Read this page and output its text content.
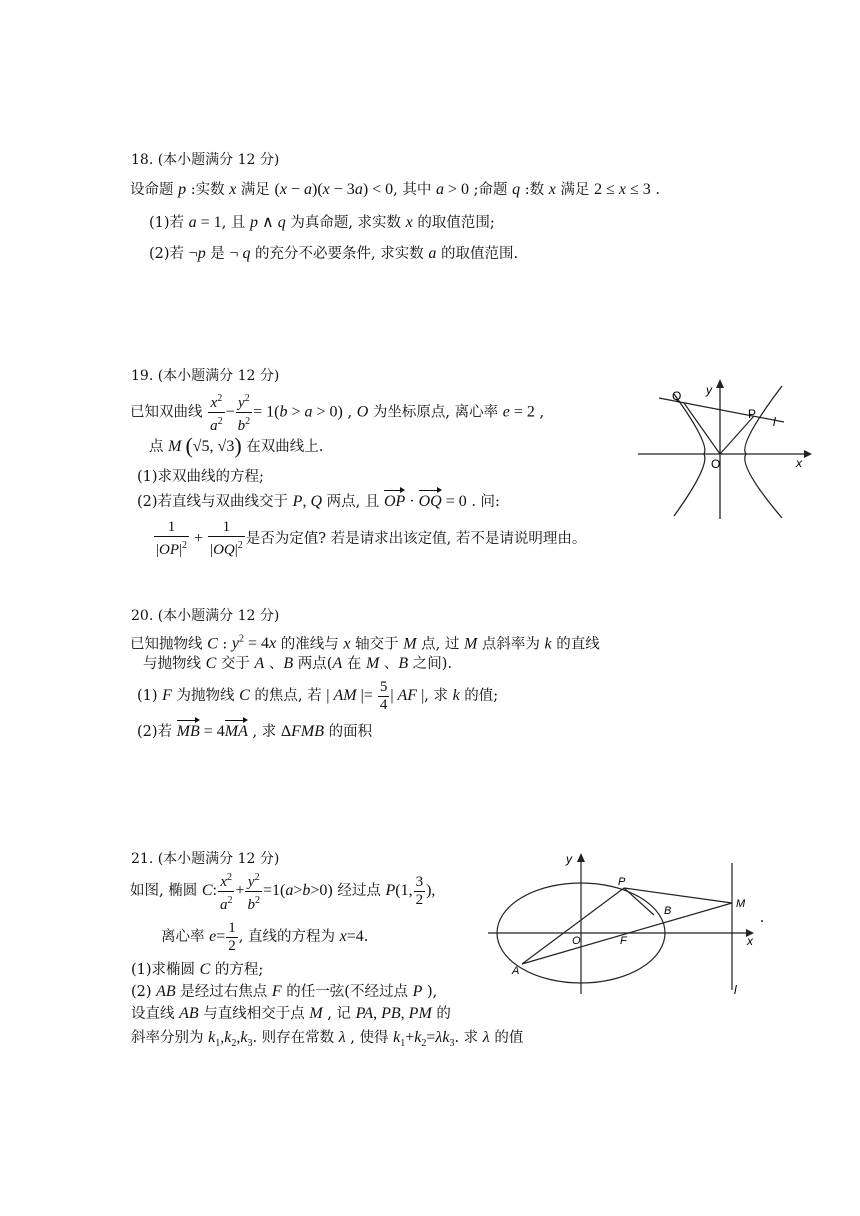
18. (本小题满分 12 分)
设命题 p :实数 x 满足 (x − a)(x − 3a) < 0, 其中 a > 0 ;命题 q :数 x 满足 2 ≤ x ≤ 3 .
(1)若 a = 1, 且 p ∧ q 为真命题, 求实数 x 的取值范围;
(2)若 ¬p 是 ¬ q 的充分不必要条件, 求实数 a 的取值范围.
19. (本小题满分 12 分)
已知双曲线 $\frac{x^2}{a^2} - \frac{y^2}{b^2} = 1(b > a > 0)$ , O 为坐标原点, 离心率 e = 2 ,
点 M (√5, √3) 在双曲线上.
(1)求双曲线的方程;
(2)若直线与双曲线交于 P, Q 两点, 且 OP · OQ = 0 . 问:
$\frac{1}{|OP|^2} + \frac{1}{|OQ|^2}$ 是否为定值? 若是请求出该定值, 若不是请说明理由。
Q y
P
l
O	x
20. (本小题满分 12 分)
已知抛物线 C : $y^2 = 4x$ 的准线与 x 轴交于 M 点, 过 M 点斜率为 k 的直线
与抛物线 C 交于 A 、B 两点(A 在 M 、B 之间).
(1) F 为抛物线 C 的焦点, 若 | AM |= $\frac{5}{4}$ | AF |, 求 k 的值;
(2)若 MB = 4MA , 求 ΔFMB 的面积
21. (本小题满分 12 分)
如图, 椭圆 C: $\frac{x^2}{a^2} + \frac{y^2}{b^2} =1(a>b>0)$ 经过点 P(1, $\frac{3}{2}$ ),
离心率 $e= \frac{1}{2}$ , 直线的方程为 x=4.
(1)求椭圆 C 的方程;
(2) AB 是经过右焦点 F 的任一弦(不经过点 P ),
设直线 AB 与直线相交于点 M , 记 PA, PB, PM 的
斜率分别为 $k_1,k_2,k_3$. 则存在常数 λ , 使得 $k_1+k_2=\lambda k_3$. 求 λ 的值
y
P
M
B
O	F	x
A
l
